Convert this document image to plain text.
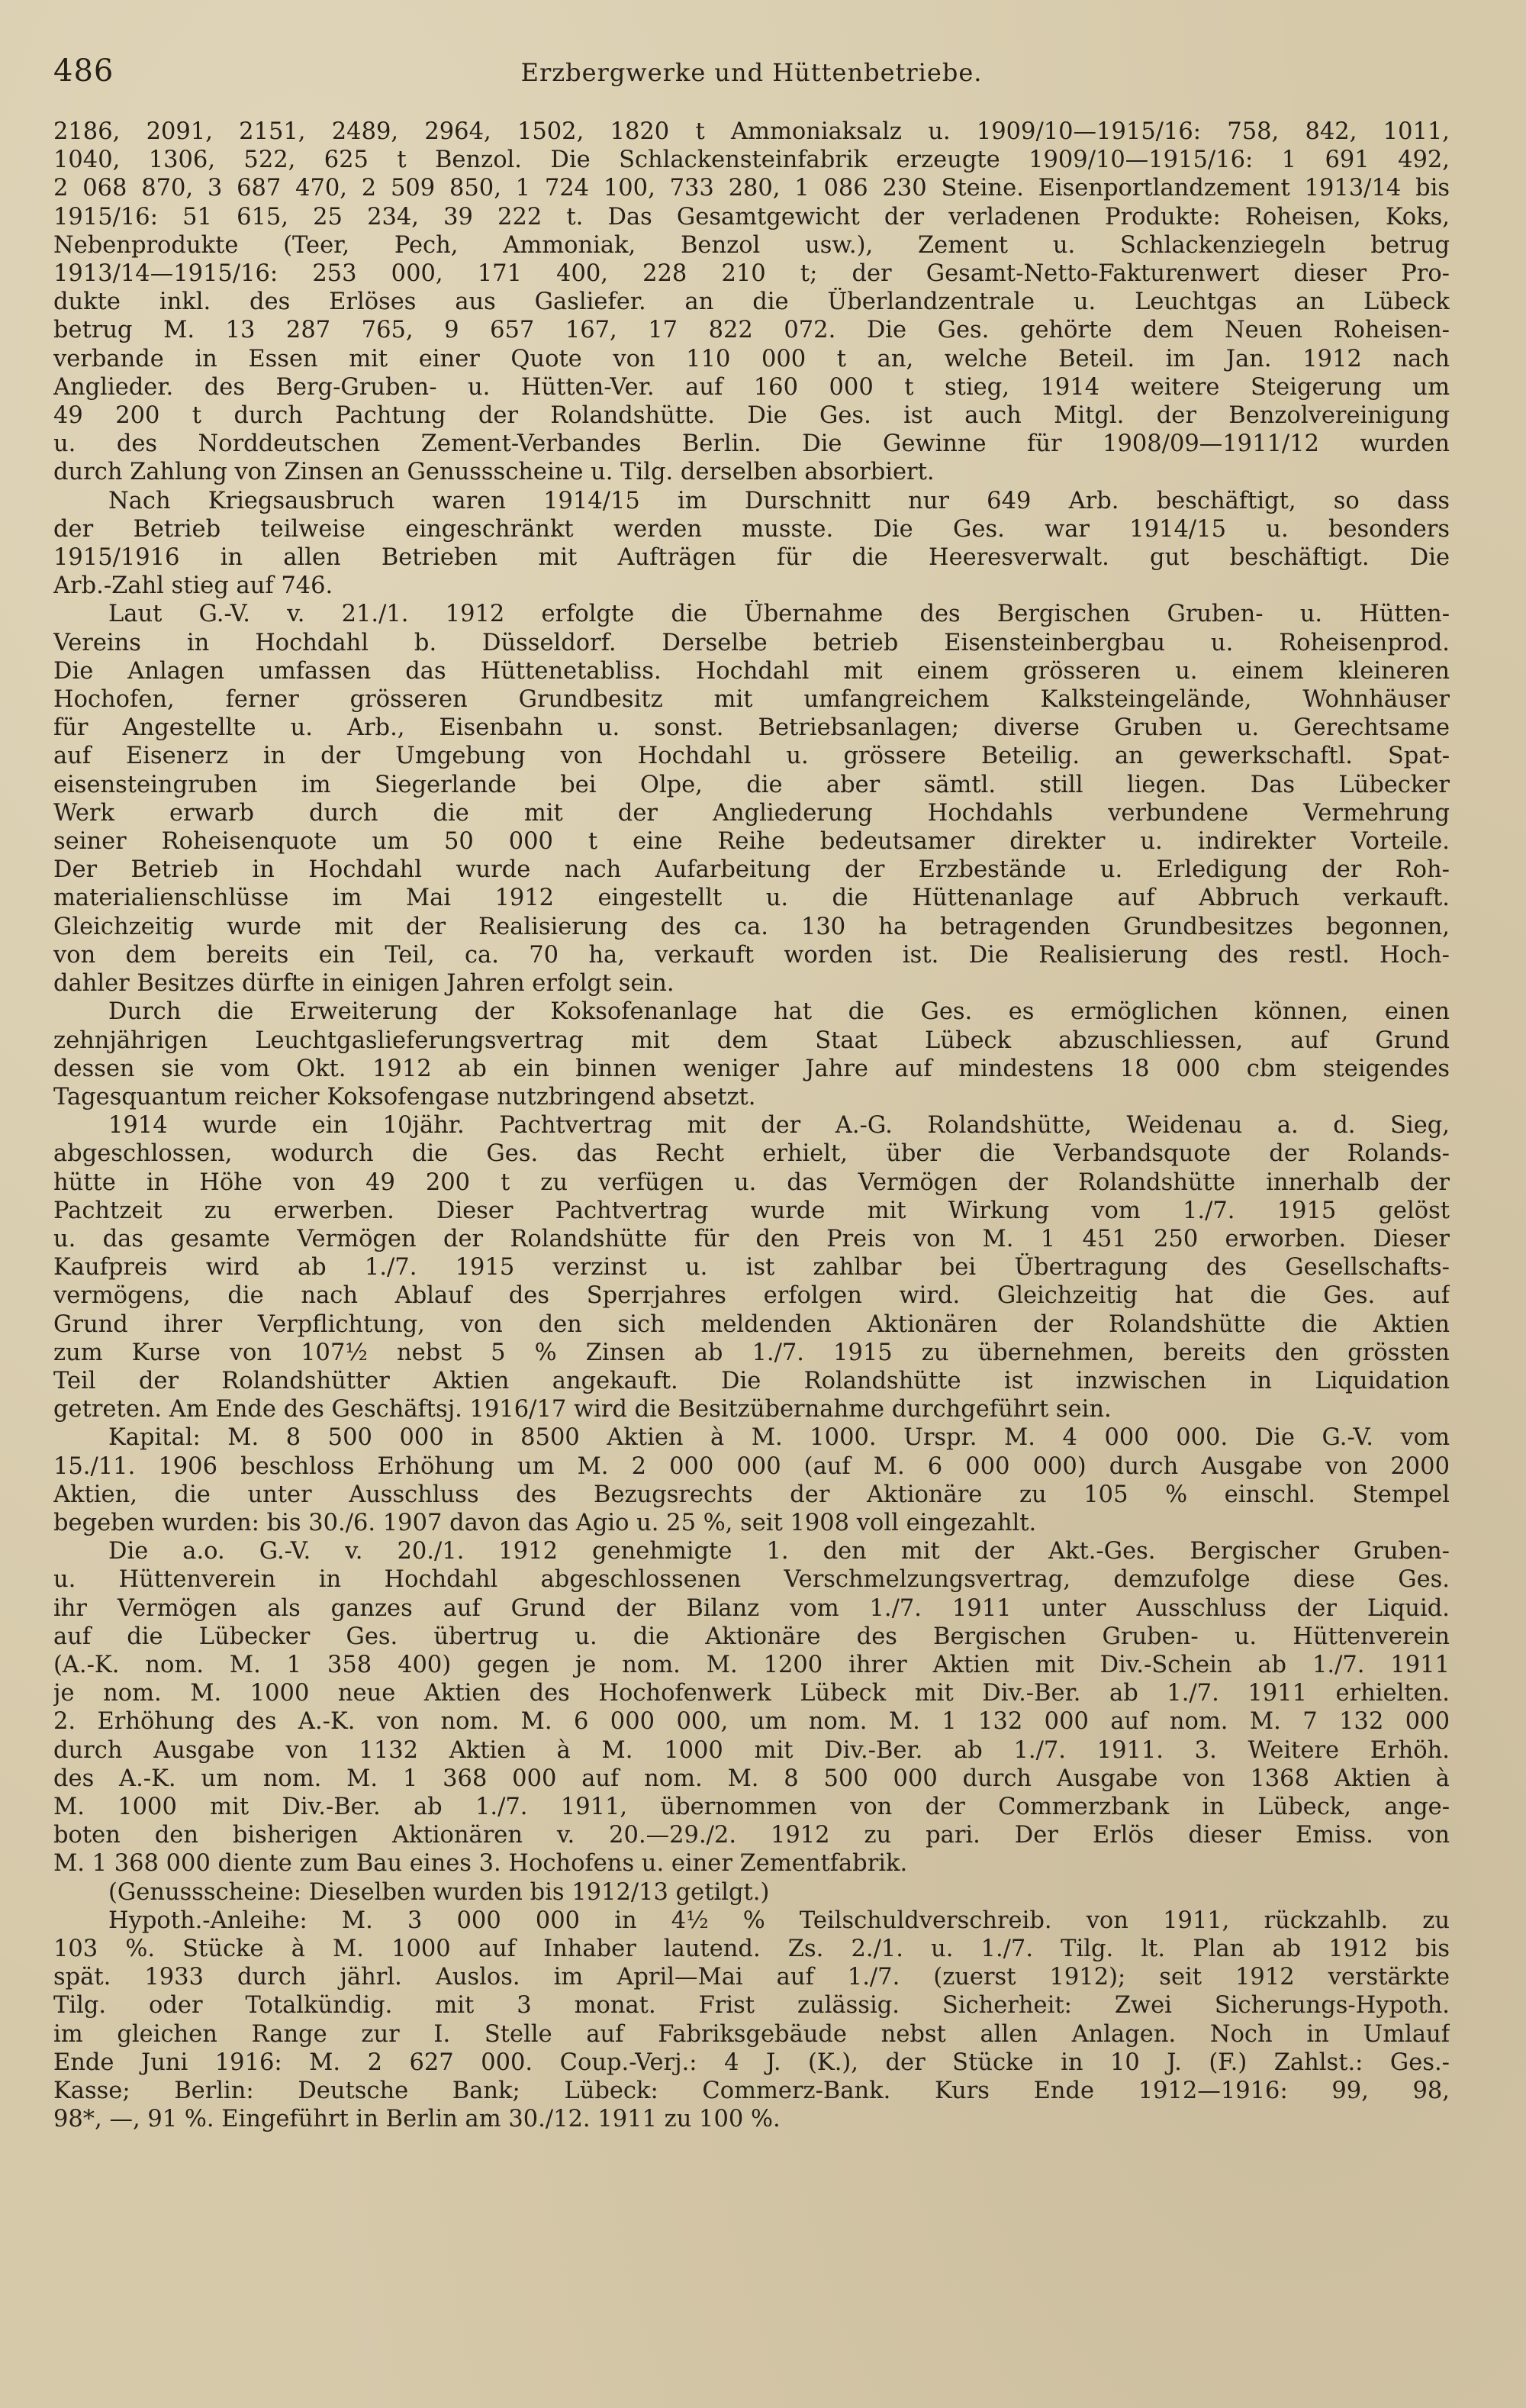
486	Erzbergwerke und Hüttenbetriebe.
2186, 2091, 2151, 2489, 2964, 1502, 1820 t Ammoniaksalz u. 1909/10—1915/16: 758, 842, 1011,
1040, 1306, 522, 625 t Benzol. Die Schlackensteinfabrik erzeugte 1909/10—1915/16: 1 691 492,
2 068 870, 3 687 470, 2 509 850, 1 724 100, 733 280, 1 086 230 Steine. Eisenportlandzement 1913/14 bis
1915/16: 51 615, 25 234, 39 222 t. Das Gesamtgewicht der verladenen Produkte: Roheisen, Koks,
Nebenprodukte (Teer, Pech, Ammoniak, Benzol usw.), Zement u. Schlackenziegeln betrug
1913/14—1915/16: 253 000, 171 400, 228 210 t; der Gesamt-Netto-Fakturenwert dieser Pro-
dukte inkl. des Erlöses aus Gasliefer. an die Überlandzentrale u. Leuchtgas an Lübeck
betrug M. 13 287 765, 9 657 167, 17 822 072. Die Ges. gehörte dem Neuen Roheisen-
verbande in Essen mit einer Quote von 110 000 t an, welche Beteil. im Jan. 1912 nach
Anglieder. des Berg-Gruben- u. Hütten-Ver. auf 160 000 t stieg, 1914 weitere Steigerung um
49 200 t durch Pachtung der Rolandshütte. Die Ges. ist auch Mitgl. der Benzolvereinigung
u. des Norddeutschen Zement-Verbandes Berlin. Die Gewinne für 1908/09—1911/12 wurden
durch Zahlung von Zinsen an Genussscheine u. Tilg. derselben absorbiert.
Nach Kriegsausbruch waren 1914/15 im Durschnitt nur 649 Arb. beschäftigt, so dass
der Betrieb teilweise eingeschränkt werden musste. Die Ges. war 1914/15 u. besonders
1915/1916 in allen Betrieben mit Aufträgen für die Heeresverwalt. gut beschäftigt. Die
Arb.-Zahl stieg auf 746.
Laut G.-V. v. 21./1. 1912 erfolgte die Übernahme des Bergischen Gruben- u. Hütten-
Vereins in Hochdahl b. Düsseldorf. Derselbe betrieb Eisensteinbergbau u. Roheisenprod.
Die Anlagen umfassen das Hüttenetabliss. Hochdahl mit einem grösseren u. einem kleineren
Hochofen, ferner grösseren Grundbesitz mit umfangreichem Kalksteingelände, Wohnhäuser
für Angestellte u. Arb., Eisenbahn u. sonst. Betriebsanlagen; diverse Gruben u. Gerechtsame
auf Eisenerz in der Umgebung von Hochdahl u. grössere Beteilig. an gewerkschaftl. Spat-
eisensteingruben im Siegerlande bei Olpe, die aber sämtl. still liegen. Das Lübecker
Werk erwarb durch die mit der Angliederung Hochdahls verbundene Vermehrung
seiner Roheisenquote um 50 000 t eine Reihe bedeutsamer direkter u. indirekter Vorteile.
Der Betrieb in Hochdahl wurde nach Aufarbeitung der Erzbestände u. Erledigung der Roh-
materialienschlüsse im Mai 1912 eingestellt u. die Hüttenanlage auf Abbruch verkauft.
Gleichzeitig wurde mit der Realisierung des ca. 130 ha betragenden Grundbesitzes begonnen,
von dem bereits ein Teil, ca. 70 ha, verkauft worden ist. Die Realisierung des restl. Hoch-
dahler Besitzes dürfte in einigen Jahren erfolgt sein.
Durch die Erweiterung der Koksofenanlage hat die Ges. es ermöglichen können, einen
zehnjährigen Leuchtgaslieferungsvertrag mit dem Staat Lübeck abzuschliessen, auf Grund
dessen sie vom Okt. 1912 ab ein binnen weniger Jahre auf mindestens 18 000 cbm steigendes
Tagesquantum reicher Koksofengase nutzbringend absetzt.
1914 wurde ein 10jähr. Pachtvertrag mit der A.-G. Rolandshütte, Weidenau a. d. Sieg,
abgeschlossen, wodurch die Ges. das Recht erhielt, über die Verbandsquote der Rolands-
hütte in Höhe von 49 200 t zu verfügen u. das Vermögen der Rolandshütte innerhalb der
Pachtzeit zu erwerben. Dieser Pachtvertrag wurde mit Wirkung vom 1./7. 1915 gelöst
u. das gesamte Vermögen der Rolandshütte für den Preis von M. 1 451 250 erworben. Dieser
Kaufpreis wird ab 1./7. 1915 verzinst u. ist zahlbar bei Übertragung des Gesellschafts-
vermögens, die nach Ablauf des Sperrjahres erfolgen wird. Gleichzeitig hat die Ges. auf
Grund ihrer Verpflichtung, von den sich meldenden Aktionären der Rolandshütte die Aktien
zum Kurse von 107½ nebst 5 % Zinsen ab 1./7. 1915 zu übernehmen, bereits den grössten
Teil der Rolandshütter Aktien angekauft. Die Rolandshütte ist inzwischen in Liquidation
getreten. Am Ende des Geschäftsj. 1916/17 wird die Besitzübernahme durchgeführt sein.
Kapital: M. 8 500 000 in 8500 Aktien à M. 1000. Urspr. M. 4 000 000. Die G.-V. vom
15./11. 1906 beschloss Erhöhung um M. 2 000 000 (auf M. 6 000 000) durch Ausgabe von 2000
Aktien, die unter Ausschluss des Bezugsrechts der Aktionäre zu 105 % einschl. Stempel
begeben wurden: bis 30./6. 1907 davon das Agio u. 25 %, seit 1908 voll eingezahlt.
Die a.o. G.-V. v. 20./1. 1912 genehmigte 1. den mit der Akt.-Ges. Bergischer Gruben-
u. Hüttenverein in Hochdahl abgeschlossenen Verschmelzungsvertrag, demzufolge diese Ges.
ihr Vermögen als ganzes auf Grund der Bilanz vom 1./7. 1911 unter Ausschluss der Liquid.
auf die Lübecker Ges. übertrug u. die Aktionäre des Bergischen Gruben- u. Hüttenverein
(A.-K. nom. M. 1 358 400) gegen je nom. M. 1200 ihrer Aktien mit Div.-Schein ab 1./7. 1911
je nom. M. 1000 neue Aktien des Hochofenwerk Lübeck mit Div.-Ber. ab 1./7. 1911 erhielten.
2. Erhöhung des A.-K. von nom. M. 6 000 000, um nom. M. 1 132 000 auf nom. M. 7 132 000
durch Ausgabe von 1132 Aktien à M. 1000 mit Div.-Ber. ab 1./7. 1911. 3. Weitere Erhöh.
des A.-K. um nom. M. 1 368 000 auf nom. M. 8 500 000 durch Ausgabe von 1368 Aktien à
M. 1000 mit Div.-Ber. ab 1./7. 1911, übernommen von der Commerzbank in Lübeck, ange-
boten den bisherigen Aktionären v. 20.—29./2. 1912 zu pari. Der Erlös dieser Emiss. von
M. 1 368 000 diente zum Bau eines 3. Hochofens u. einer Zementfabrik.
(Genussscheine: Dieselben wurden bis 1912/13 getilgt.)
Hypoth.-Anleihe: M. 3 000 000 in 4½ % Teilschuldverschreib. von 1911, rückzahlb. zu
103 %. Stücke à M. 1000 auf Inhaber lautend. Zs. 2./1. u. 1./7. Tilg. lt. Plan ab 1912 bis
spät. 1933 durch jährl. Auslos. im April—Mai auf 1./7. (zuerst 1912); seit 1912 verstärkte
Tilg. oder Totalkündig. mit 3 monat. Frist zulässig. Sicherheit: Zwei Sicherungs-Hypoth.
im gleichen Range zur I. Stelle auf Fabriksgebäude nebst allen Anlagen. Noch in Umlauf
Ende Juni 1916: M. 2 627 000. Coup.-Verj.: 4 J. (K.), der Stücke in 10 J. (F.) Zahlst.: Ges.-
Kasse; Berlin: Deutsche Bank; Lübeck: Commerz-Bank. Kurs Ende 1912—1916: 99, 98,
98*, —, 91 %. Eingeführt in Berlin am 30./12. 1911 zu 100 %.
